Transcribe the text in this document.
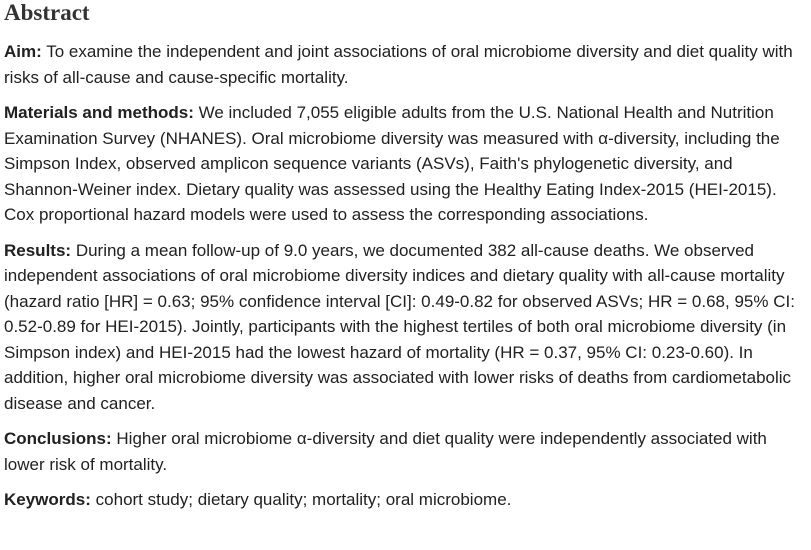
Abstract

Aim: To examine the independent and joint associations of oral microbiome diversity and diet quality with risks of all-cause and cause-specific mortality.

Materials and methods: We included 7,055 eligible adults from the U.S. National Health and Nutrition Examination Survey (NHANES). Oral microbiome diversity was measured with α-diversity, including the Simpson Index, observed amplicon sequence variants (ASVs), Faith's phylogenetic diversity, and Shannon-Weiner index. Dietary quality was assessed using the Healthy Eating Index-2015 (HEI-2015). Cox proportional hazard models were used to assess the corresponding associations.

Results: During a mean follow-up of 9.0 years, we documented 382 all-cause deaths. We observed independent associations of oral microbiome diversity indices and dietary quality with all-cause mortality (hazard ratio [HR] = 0.63; 95% confidence interval [CI]: 0.49-0.82 for observed ASVs; HR = 0.68, 95% CI: 0.52-0.89 for HEI-2015). Jointly, participants with the highest tertiles of both oral microbiome diversity (in Simpson index) and HEI-2015 had the lowest hazard of mortality (HR = 0.37, 95% CI: 0.23-0.60). In addition, higher oral microbiome diversity was associated with lower risks of deaths from cardiometabolic disease and cancer.

Conclusions: Higher oral microbiome α-diversity and diet quality were independently associated with lower risk of mortality.

Keywords: cohort study; dietary quality; mortality; oral microbiome.
